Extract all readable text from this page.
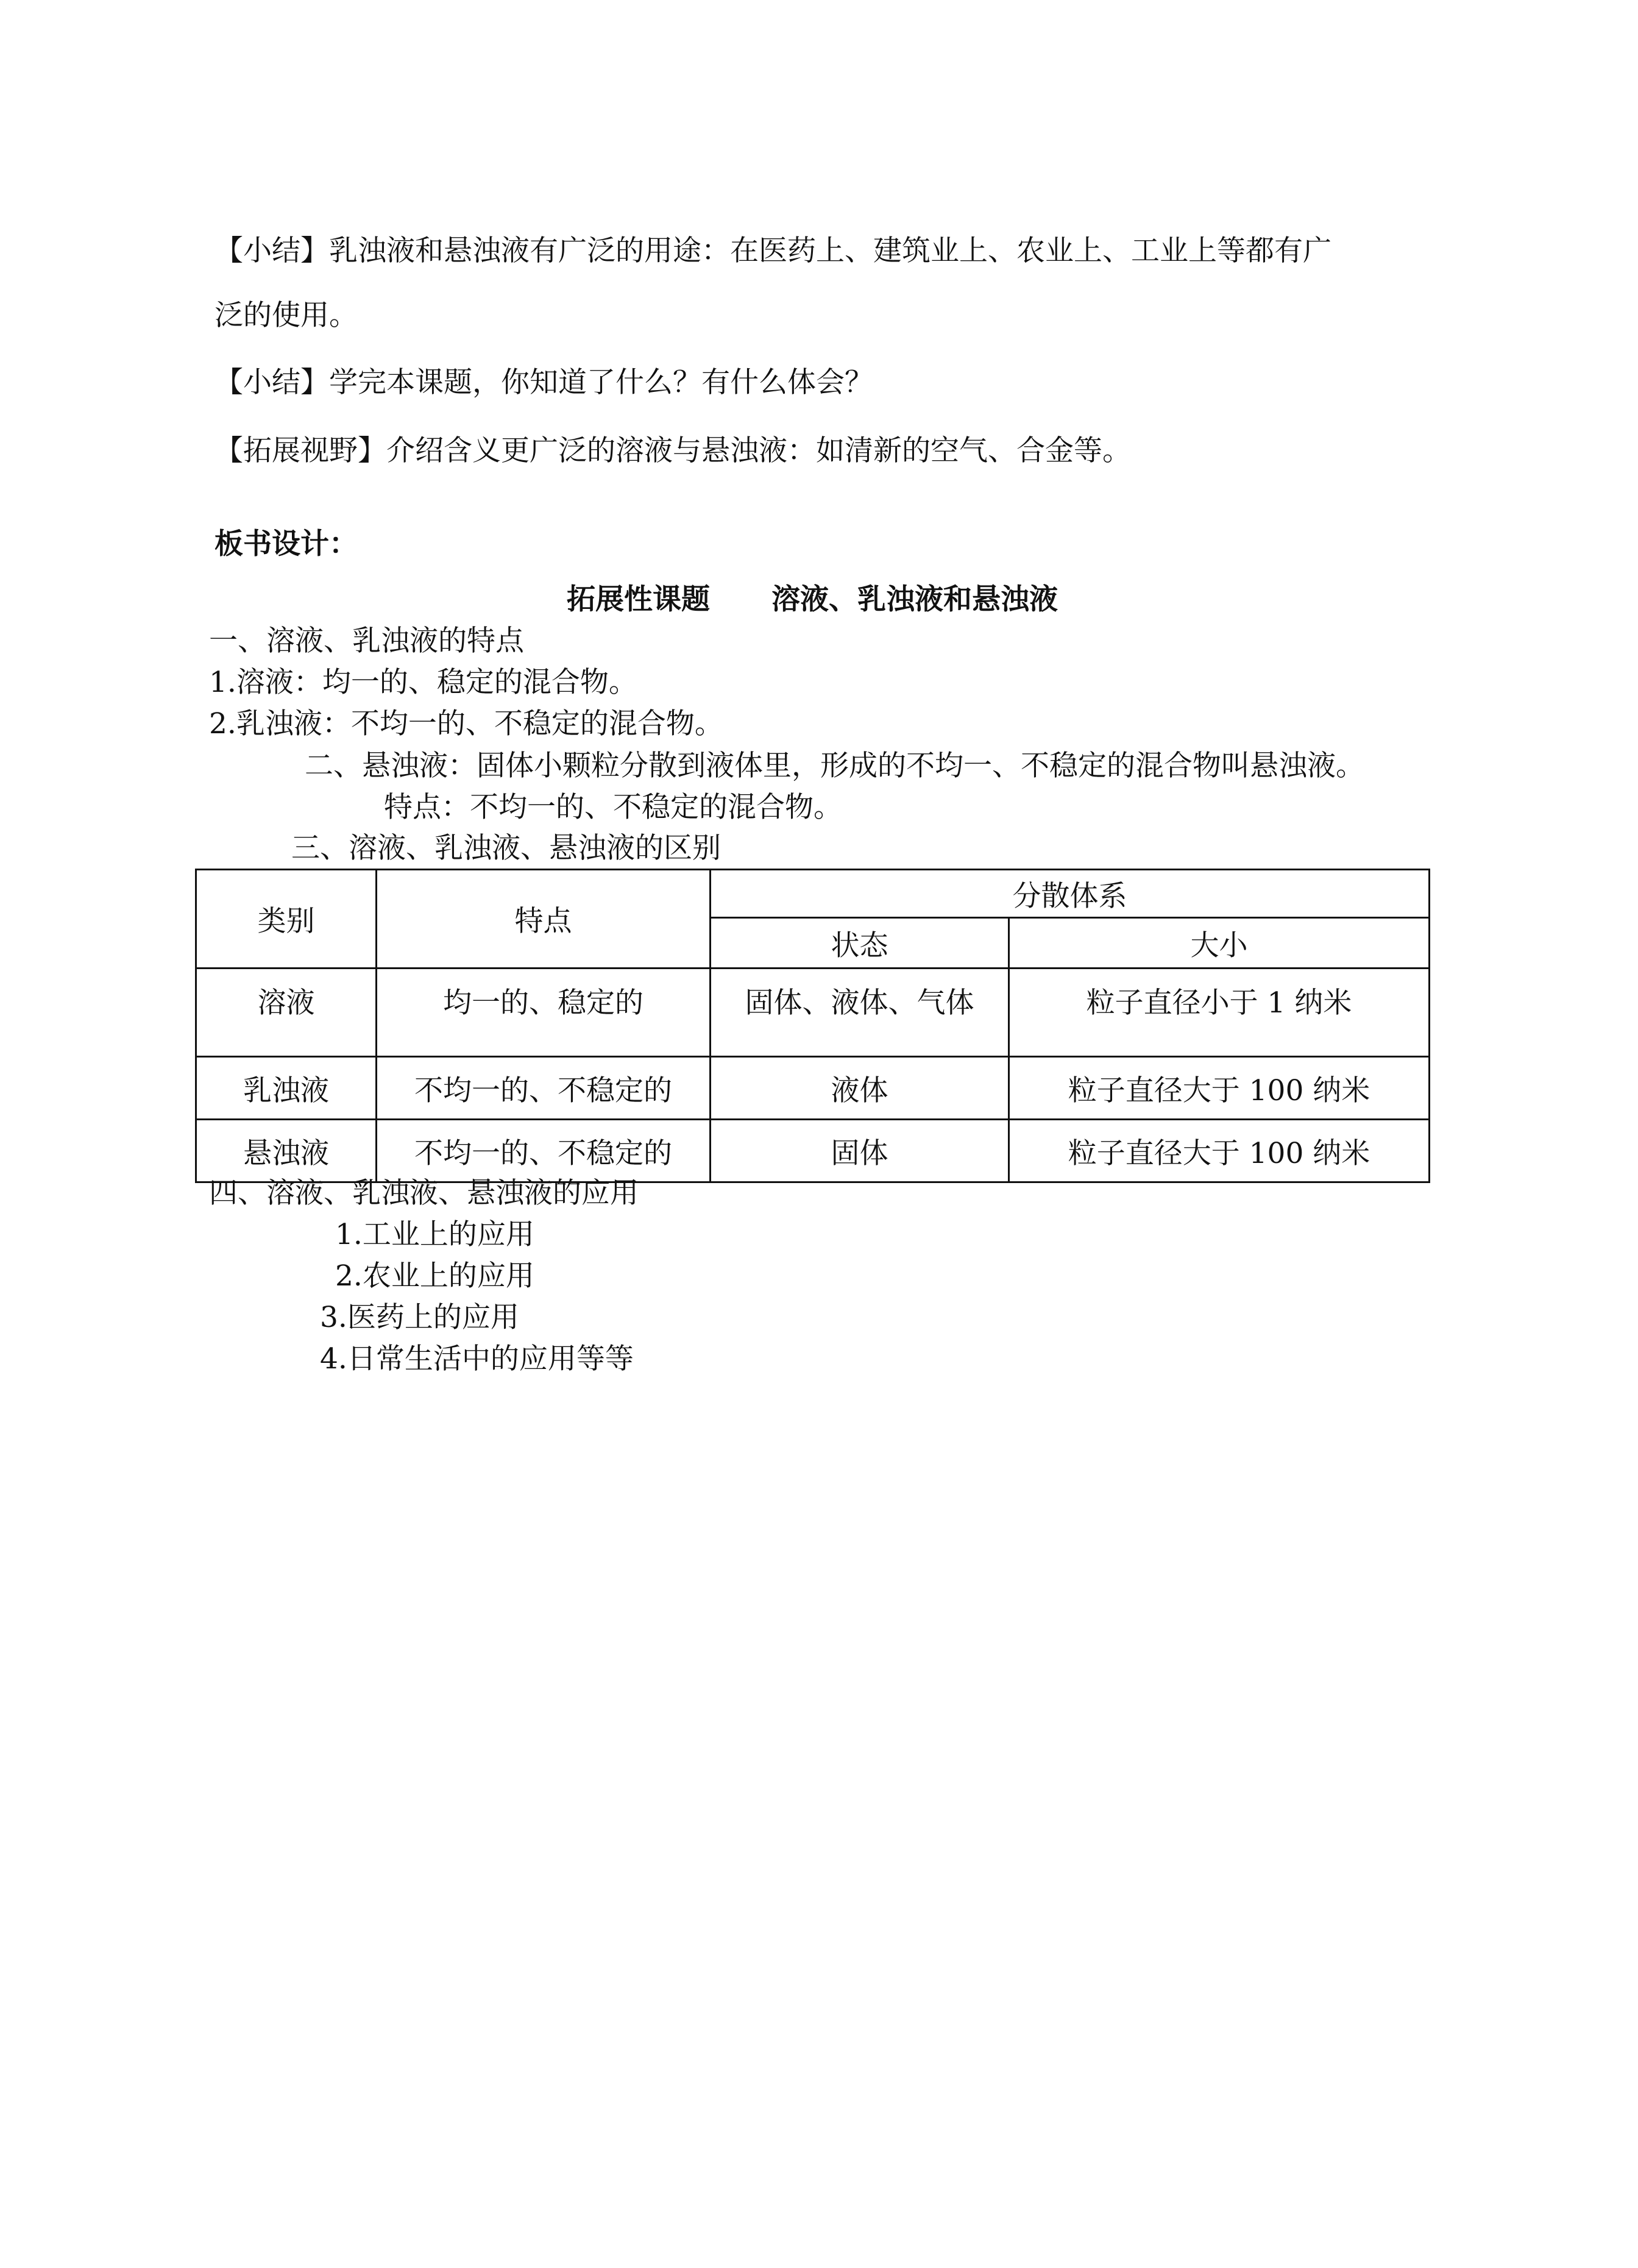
【小结】乳浊液和悬浊液有广泛的用途：在医药上、建筑业上、农业上、工业上等都有广
泛的使用。
【小结】学完本课题，你知道了什么？有什么体会？
【拓展视野】介绍含义更广泛的溶液与悬浊液：如清新的空气、合金等。
板书设计：
拓展性课题 溶液、乳浊液和悬浊液
一、溶液、乳浊液的特点
1.溶液：均一的、稳定的混合物。
2.乳浊液：不均一的、不稳定的混合物。
二、悬浊液：固体小颗粒分散到液体里，形成的不均一、不稳定的混合物叫悬浊液。
特点：不均一的、不稳定的混合物。
三、溶液、乳浊液、悬浊液的区别
类别	特点	分散体系	
		状态	大小
溶液	均一的、稳定的	固体、液体、气体	粒子直径小于 1 纳米
乳浊液	不均一的、不稳定的	液体	粒子直径大于 100 纳米
悬浊液	不均一的、不稳定的	固体	粒子直径大于 100 纳米
四、溶液、乳浊液、悬浊液的应用
1.工业上的应用
2.农业上的应用
3.医药上的应用
4.日常生活中的应用等等
